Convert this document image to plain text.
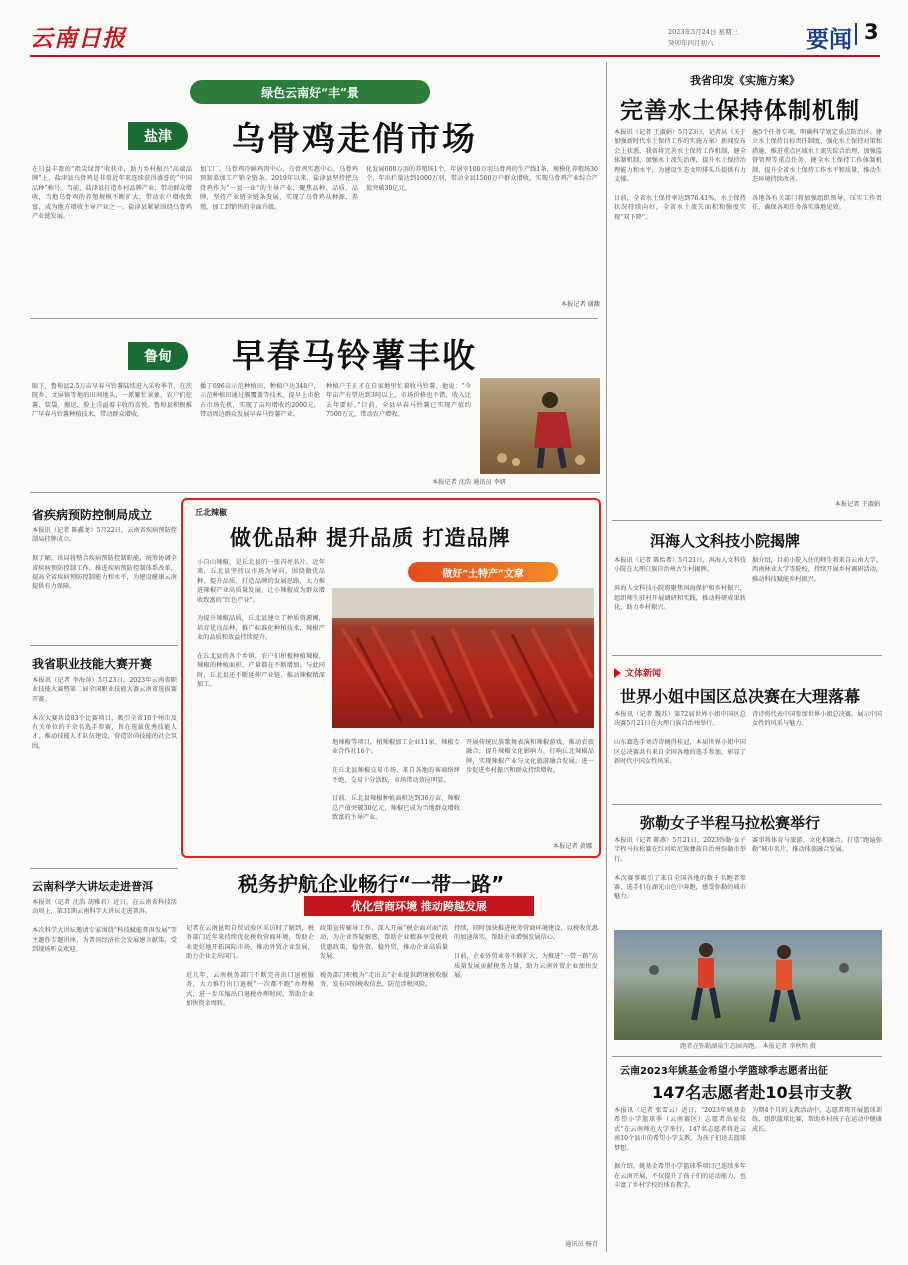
云南日报	2023年5月24日 星期三
癸卯年四月初六	要闻 3
绿色云南好“丰”景
盐津	乌骨鸡走俏市场
在日益丰盈的“指尖绿肾”收获市，助力乡村振兴“高端品牌”上，盐津县乌骨鸡是非常近年来连续获得盛誉的“中国品种”称号。当前，盐津县打造乡村品牌产业，带动群众增收，当地乌骨鸡的养殖规模不断扩大，带动农户增收致富，成为地方增收主导产业之一。盐津县紧紧围绕乌骨鸡产业链发展。
加工厂，乌骨鸡冷鲜鸡肉中心，乌骨鸡实惠中心，乌骨鸡预制菜加工产销全链条。2019年以来，盐津县坚持把乌骨鸡作为“一县一业”的主导产业，聚焦品种、品质、品牌，坚持产业链全链条发展，实现了乌骨鸡从种源、养殖、加工到销售的全面升级。
化发展600万羽的养殖场1个，年屠宰100万羽乌骨鸡的生产线1条，规模化养殖场30个，年出栏量达到1000万羽，带动全县1500万户群众增收，实现乌骨鸡产业综合产值突破30亿元。
本报记者 谢馥
鲁甸	早春马铃薯丰收
眼下，鲁甸县2.5万亩早春马铃薯陆续进入采收季节，在茨院乡、文屏镇等地的田间地头，一派繁忙景象，农户们挖薯、装袋、搬运，脸上洋溢着丰收的喜悦。鲁甸县积极推广早春马铃薯种植技术，带动群众增收。
播了696亩示范种植田，种植户达348户，示范种植田通过膜覆盖等技术，提早上市抢占市场先机，实现了亩均增收约2000元，带动周边群众发展早春马铃薯产业。
种植户王正才在自家地里忙着收马铃薯，他说：“今年亩产有望达到3吨以上，市场价格也不错，收入比去年要好。”目前，全县早春马铃薯已实现产值约7500万元，带动农户增收。
本报记者 沈浩 通讯员 李妍
省疾病预防控制局成立
本报讯（记者 陈鑫龙）5月22日，云南省疾病预防控制局挂牌成立。

据了解，该局将整合疾病预防控制职能，统筹协调全省疾病预防控制工作，推进疾病预防控制体系改革，提高全省疾病预防控制能力和水平，为建设健康云南提供有力保障。
我省职业技能大赛开赛
本报讯（记者 李海萍）5月23日，2023年云南省职业技能大赛暨第二届全国职业技能大赛云南省选拔赛开赛。

本次大赛共设83个比赛项目，吸引全省16个州市及有关单位的千余名选手参赛，旨在选拔优秀技能人才，推动技能人才队伍建设，营造崇尚技能的社会氛围。
云南科学大讲坛走进普洱
本报讯（记者 沈浩 胡雅君）近日，在云南省科技活动周上，第31期云南科学大讲坛走进普洱。

本次科学大讲坛邀请专家围绕“科技赋能普洱发展”等主题作专题讲座，为普洱经济社会发展建言献策，受到现场听众欢迎。
丘北辣椒
做优品种 提升品质 打造品牌
做好“土特产”文章
小自山辣椒，是丘北县的一张闪亮名片。近年来，丘北县坚持以市场为导向，围绕做优品种、提升品质、打造品牌的发展思路，大力推进辣椒产业高质量发展，让小辣椒成为群众增收致富的“红色产业”。

为提升辣椒品质，丘北县建立了种质资源圃，培育优良品种，推广标准化种植技术，辣椒产业的品质和效益持续提升。

在丘北县的各个乡镇，农户们积极种植辣椒，辣椒的种植面积、产量都在不断增加。与此同时，丘北县还不断延伸产业链，推动辣椒精深加工。
地辣椒等项目，植辣椒加工企业11家，辣椒专业合作社16个。

在丘北县辣椒交易市场，来自各地的客商络绎不绝，交易十分活跃，市场带动效应明显。

目前，丘北县辣椒种植面积达到36万亩，辣椒总产值突破30亿元，辣椒已成为当地群众增收致富的主导产业。
开展传统民族歌舞表演和辣椒游戏，推动农旅融合，提升辣椒文化影响力，打响丘北辣椒品牌，实现辣椒产业与文化旅游融合发展，进一步促进乡村振兴和群众持续增收。
本报记者 黄娜
税务护航企业畅行“一带一路”
优化营商环境 推动跨越发展
记者在云南昆明自贸试验区采访时了解到，税务部门近年来持续优化税收营商环境，帮助企业更好地开拓国际市场，推动外贸企业发展，助力企业走出国门。

近几年，云南税务部门不断完善出口退税服务，大力推行出口退税“一次都不跑”办理模式，进一步压缩出口退税办理时间，帮助企业加快资金周转。
政策宣传辅导工作，深入开展“税企面对面”活动，为企业答疑解惑，帮助企业精准享受税收优惠政策，稳外资、稳外贸，推动企业高质量发展。

税务部门积极为“走出去”企业提供跨境税收服务，发布国别税收信息，防范涉税风险。
持续，同时加快推进税务营商环境建设，以税收优惠的加速落实，帮助企业增强发展信心。

目前，企业外贸业务不断扩大，为推进“一带一路”高质量发展贡献税务力量，助力云南外贸企业加快发展。
通讯员 杨青
我省印发《实施方案》
完善水土保持体制机制
本报讯（记者 王淑娟）5月23日，记者从《关于加强新时代水土保持工作的实施方案》新闻发布会上获悉，我省将完善水土保持工作机制，健全体制机制，加强水土流失治理，提升水土保持治理能力和水平，为建设生态文明排头兵提供有力支撑。

目前，全省水土保持率达到76.41%，水土保持状况持续向好，全省水土流失面积和强度实现“双下降”。
施5个任务专项，明确科学划定重点防治区、建立水土保持目标责任制度、强化水土保持对策和措施、推进重点区域水土流失综合治理、加强监督管理等重点任务，健全水土保持工作体制机制，提升全省水土保持工作水平和质量，推动生态环境持续改善。

各地各有关部门将加强组织领导，压实工作责任，确保各项任务落实落地见效。
本报记者 王淑娟
洱海人文科技小院揭牌
本报讯（记者 陈怡希）5月21日，洱海人文科技小院在大理白族自治州古生村揭牌。

洱海人文科技小院将聚焦洱海保护和乡村振兴，组织师生驻村开展调研和实践，推动科研成果转化，助力乡村振兴。
据介绍，目前小院入住的师生将来自云南大学、西南林业大学等院校，持续开展乡村调研活动，推动科技赋能乡村振兴。
文体新闻
世界小姐中国区总决赛在大理落幕
本报讯（记者 魏苏）第72届世界小姐中国区总决赛5月21日在大理白族自治州举行。

山东籍选手刘诗诗摘得桂冠，本届世界小姐中国区总决赛共有来自全国各地的选手参加，彰显了新时代中国女性风采。
诗诗将代表中国参加世界小姐总决赛，展示中国女性的风采与魅力。
弥勒女子半程马拉松赛举行
本报讯（记者 陈燕）5月21日，2023弥勒·女子半程马拉松赛在红河哈尼族彝族自治州弥勒市举行。

本次赛事吸引了来自全国各地的数千名跑者参赛，选手们在湖光山色中奔跑，感受弥勒的城市魅力。
赛事将体育与旅游、文化相融合，打造“跑遍弥勒”城市名片，推动体旅融合发展。
跑者在弥勒湖泉生态园奔跑。 本报记者 李秋明 摄
云南2023年姚基金希望小学篮球季志愿者出征
147名志愿者赴10县市支教
本报讯（记者 张雪云）近日，“2023年姚基金希望小学篮球季（云南赛区）志愿者出征仪式”在云南师范大学举行，147名志愿者将赴云南10个县市的希望小学支教，为孩子们送去篮球梦想。

据介绍，姚基金希望小学篮球季项目已连续多年在云南开展，不仅提升了孩子们的运动能力，也丰富了乡村学校的体育教学。
为期4个月的支教活动中，志愿者将开展篮球训练、组织篮球比赛，帮助乡村孩子在运动中健康成长。
